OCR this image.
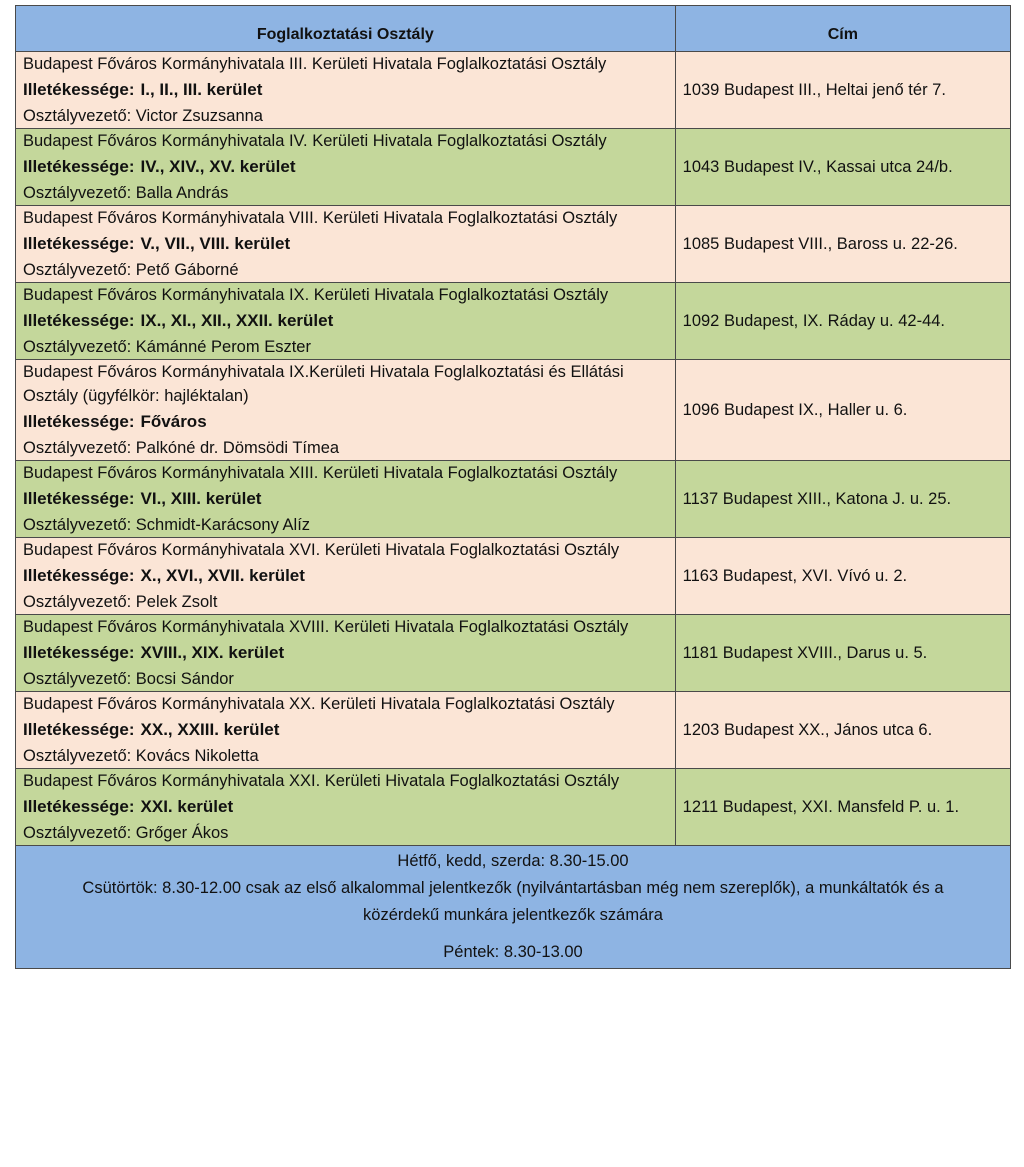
Foglalkoztatási Osztály	Cím

Budapest Főváros Kormányhivatala III. Kerületi Hivatala Foglalkoztatási Osztály
Illetékessége: I., II., III. kerület
Osztályvezető: Victor Zsuzsanna	1039 Budapest III., Heltai jenő tér 7.

Budapest Főváros Kormányhivatala IV. Kerületi Hivatala Foglalkoztatási Osztály
Illetékessége: IV., XIV., XV. kerület
Osztályvezető: Balla András	1043 Budapest IV., Kassai utca 24/b.

Budapest Főváros Kormányhivatala VIII. Kerületi Hivatala Foglalkoztatási Osztály
Illetékessége: V., VII., VIII. kerület
Osztályvezető: Pető Gáborné	1085 Budapest VIII., Baross u. 22-26.

Budapest Főváros Kormányhivatala IX. Kerületi Hivatala Foglalkoztatási Osztály
Illetékessége: IX., XI., XII., XXII. kerület
Osztályvezető: Kámánné Perom Eszter	1092 Budapest, IX. Ráday u. 42-44.

Budapest Főváros Kormányhivatala IX.Kerületi Hivatala Foglalkoztatási és Ellátási Osztály (ügyfélkör: hajléktalan)
Illetékessége: Főváros
Osztályvezető: Palkóné dr. Dömsödi Tímea	1096 Budapest IX., Haller u. 6.

Budapest Főváros Kormányhivatala XIII. Kerületi Hivatala Foglalkoztatási Osztály
Illetékessége: VI., XIII. kerület
Osztályvezető: Schmidt-Karácsony Alíz	1137 Budapest XIII., Katona J. u. 25.

Budapest Főváros Kormányhivatala XVI. Kerületi Hivatala Foglalkoztatási Osztály
Illetékessége: X., XVI., XVII. kerület
Osztályvezető: Pelek Zsolt	1163 Budapest, XVI. Vívó u. 2.

Budapest Főváros Kormányhivatala XVIII. Kerületi Hivatala Foglalkoztatási Osztály
Illetékessége: XVIII., XIX. kerület
Osztályvezető: Bocsi Sándor	1181 Budapest XVIII., Darus u. 5.

Budapest Főváros Kormányhivatala XX. Kerületi Hivatala Foglalkoztatási Osztály
Illetékessége: XX., XXIII. kerület
Osztályvezető: Kovács Nikoletta	1203 Budapest XX., János utca 6.

Budapest Főváros Kormányhivatala XXI. Kerületi Hivatala Foglalkoztatási Osztály
Illetékessége: XXI. kerület
Osztályvezető: Grőger Ákos	1211 Budapest, XXI. Mansfeld P. u. 1.

Hétfő, kedd, szerda: 8.30-15.00
Csütörtök: 8.30-12.00 csak az első alkalommal jelentkezők (nyilvántartásban még nem szereplők), a munkáltatók és a közérdekű munkára jelentkezők számára
Péntek: 8.30-13.00	
